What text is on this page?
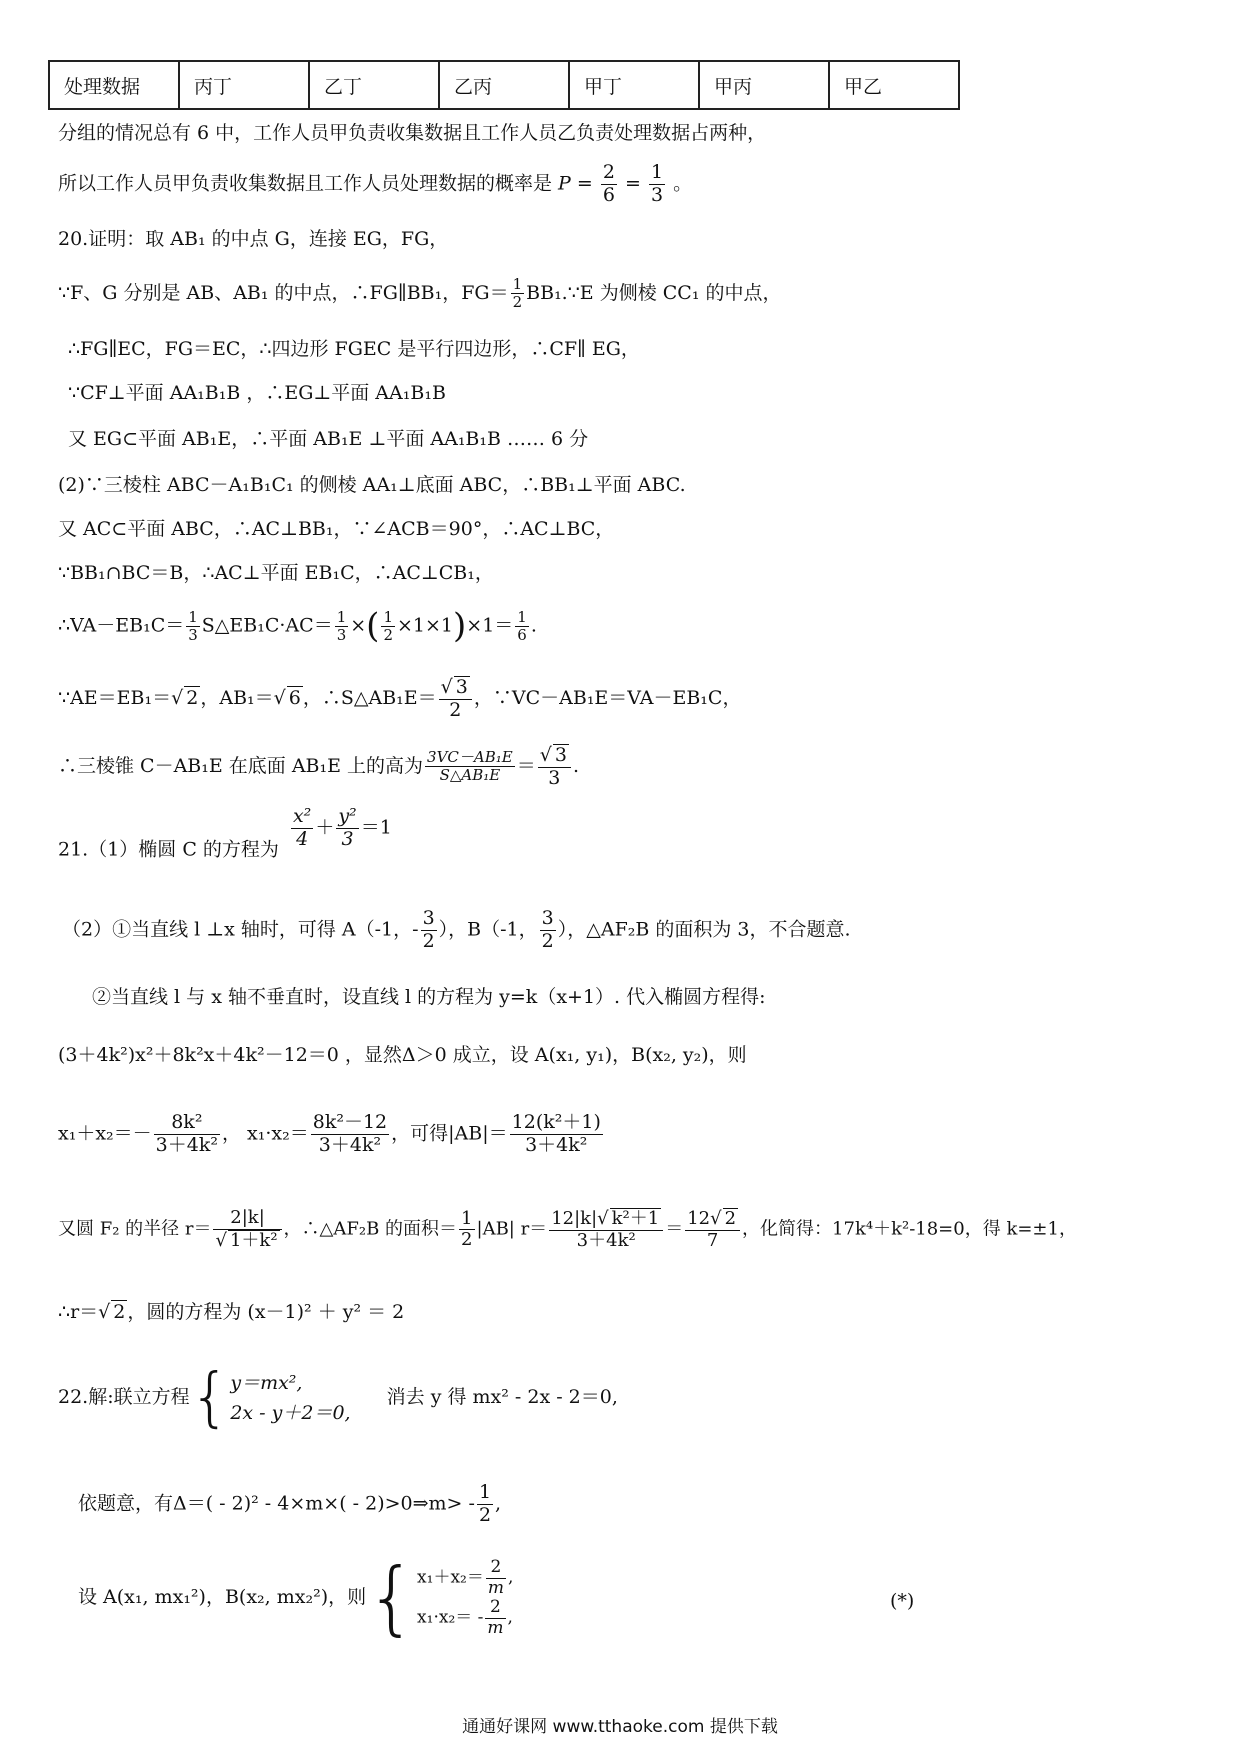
处理数据	丙丁	乙丁	乙丙	甲丁	甲丙	甲乙
分组的情况总有 6 中，工作人员甲负责收集数据且工作人员乙负责处理数据占两种，
所以工作人员甲负责收集数据且工作人员处理数据的概率是 $P = \frac{2}{6} = \frac{1}{3}$ 。
20.证明：取 AB₁ 的中点 G，连接 EG，FG，
∵F、G 分别是 AB、AB₁ 的中点，∴FG∥BB₁，$FG= \frac{1}{2}$ BB₁.∵E 为侧棱 CC₁ 的中点，
∴FG∥EC，FG＝EC，∴四边形 FGEC 是平行四边形，∴CF∥ EG，
∵CF⊥平面 AA₁B₁B ，∴EG⊥平面 AA₁B₁B
又 EG⊂平面 AB₁E，∴平面 AB₁E ⊥平面 AA₁B₁B …… 6 分
(2)∵三棱柱 ABC－A₁B₁C₁ 的侧棱 AA₁⊥底面 ABC，∴BB₁⊥平面 ABC.
又 AC⊂平面 ABC，∴AC⊥BB₁，∵∠ACB＝90°，∴AC⊥BC，
∵BB₁∩BC＝B，∴AC⊥平面 EB₁C，∴AC⊥CB₁，
∴VA－EB₁C＝ $\frac{1}{3}$ S△EB₁C·AC＝ $\frac{1}{3}$ ×( $\frac{1}{2} \times 1\times 1)\times 1= \frac{1}{6}$ .
∵AE＝EB₁＝√ 2 ，AB₁＝√ 6 ，∴S△AB₁E＝ $\frac{√ 3}{2}$ ，∵VC－AB₁E＝VA－EB₁C，
∴三棱锥 C－AB₁E 在底面 AB₁E 上的高为 $\frac{\text{3VC－AB₁E}}{\text{S△AB₁E}} = \frac{√ 3}{3}$ .
21.（1）椭圆 C 的方程为 $\frac{\text{x²}}{4} + \frac{\text{y²}}{3} =1$
（2）①当直线 l ⊥x 轴时，可得 A（-1，- $\frac{3}{2}$ ），B（-1， $\frac{3}{2}$ ），△AF₂B 的面积为 3，不合题意.
②当直线 l 与 x 轴不垂直时，设直线 l 的方程为 y=k（x+1）. 代入椭圆方程得:
(3＋4k²)x²＋8k²x＋4k²－12＝0 ，显然Δ＞0 成立，设 A(x₁, y₁)，B(x₂, y₂)，则
$x_1+x_2=- \frac{\text{8k²}}{\text{3＋4k²}}$ ， $x_1\cdot x_2= \frac{\text{8k²－12}}{\text{3＋4k²}}$ ，可得$|AB|= \frac{\text{12(k²＋1)}}{\text{3＋4k²}}$
又圆 F₂ 的半径 $r= \frac{2|k|}{\text{√ 1＋k²}}$ ，∴△AF₂B 的面积＝ $\frac{1}{2} |AB|$ $r= \frac{\text{12|k|√ k²＋1}}{\text{3＋4k²}} = \frac{12√ 2}{7}$ ，化简得：17k⁴＋k²-18=0，得 k=±1，
∴r＝√ 2 ，圆的方程为 (x－1)² ＋ y² ＝ 2
22.解:联立方程{ y＝mx²,
2x - y＋2＝0,
消去 y 得 mx² - 2x - 2＝0,
依题意，有Δ＝( - 2)² - 4×m×( - 2)>0⇒m> - $\frac{1}{2}$ ,
设 A(x₁, mx₁²)，B(x₂, mx₂²)，则{ $x_1+x_2= \frac{2}{m}$ ,
$x_1\cdot x_2= - \frac{2}{m}$ ,
(*)
通通好课网 www.tthaoke.com 提供下载
